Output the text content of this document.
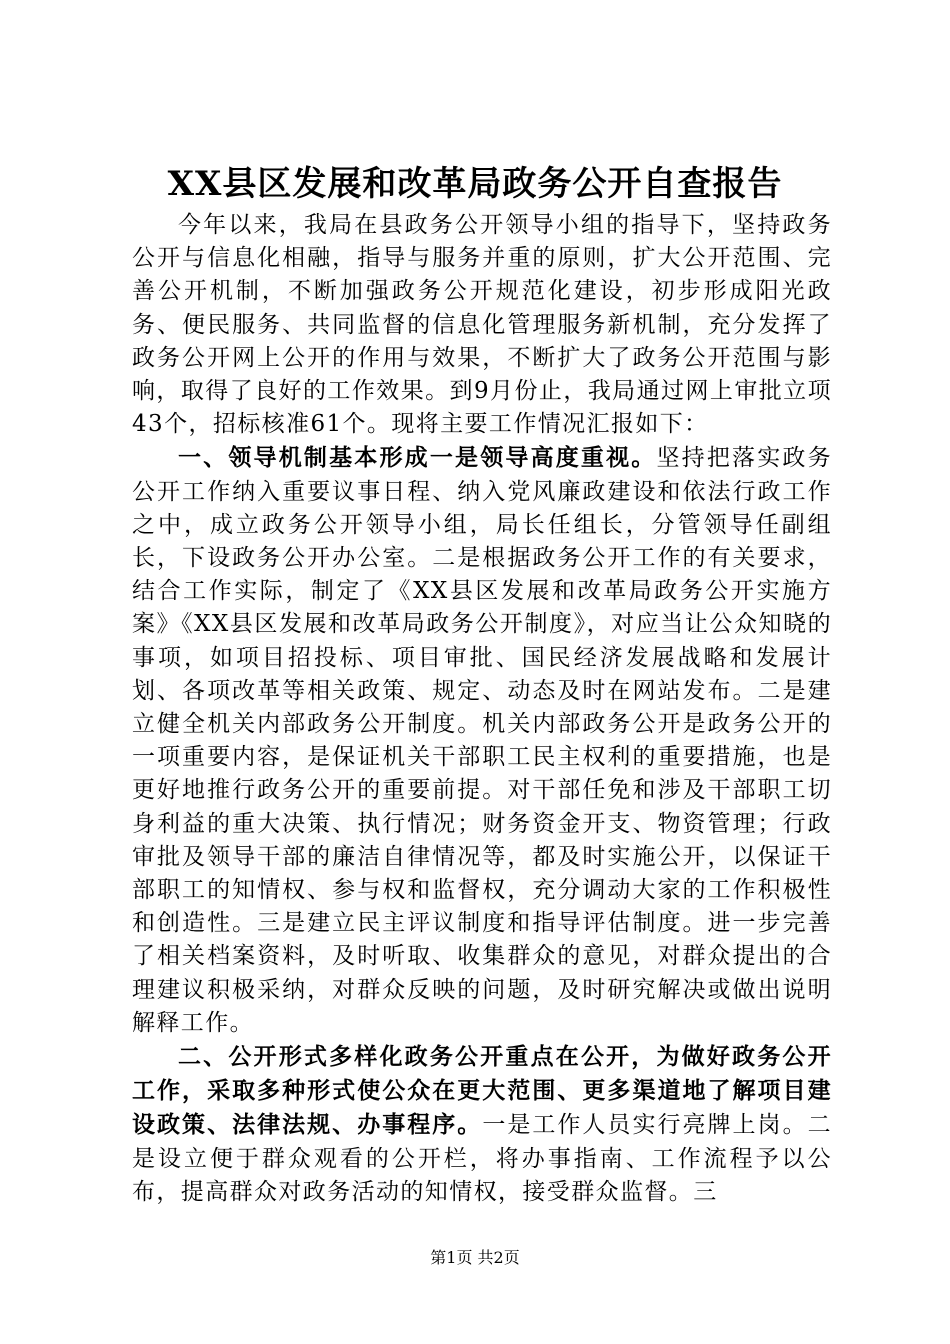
XX县区发展和改革局政务公开自查报告

今年以来，我局在县政务公开领导小组的指导下，坚持政务公开与信息化相融，指导与服务并重的原则，扩大公开范围、完善公开机制，不断加强政务公开规范化建设，初步形成阳光政务、便民服务、共同监督的信息化管理服务新机制，充分发挥了政务公开网上公开的作用与效果，不断扩大了政务公开范围与影响，取得了良好的工作效果。到9月份止，我局通过网上审批立项43个，招标核准61个。现将主要工作情况汇报如下：

一、领导机制基本形成一是领导高度重视。坚持把落实政务公开工作纳入重要议事日程、纳入党风廉政建设和依法行政工作之中，成立政务公开领导小组，局长任组长，分管领导任副组长，下设政务公开办公室。二是根据政务公开工作的有关要求，结合工作实际，制定了《XX县区发展和改革局政务公开实施方案》《XX县区发展和改革局政务公开制度》，对应当让公众知晓的事项，如项目招投标、项目审批、国民经济发展战略和发展计划、各项改革等相关政策、规定、动态及时在网站发布。二是建立健全机关内部政务公开制度。机关内部政务公开是政务公开的一项重要内容，是保证机关干部职工民主权利的重要措施，也是更好地推行政务公开的重要前提。对干部任免和涉及干部职工切身利益的重大决策、执行情况；财务资金开支、物资管理；行政审批及领导干部的廉洁自律情况等，都及时实施公开，以保证干部职工的知情权、参与权和监督权，充分调动大家的工作积极性和创造性。三是建立民主评议制度和指导评估制度。进一步完善了相关档案资料，及时听取、收集群众的意见，对群众提出的合理建议积极采纳，对群众反映的问题，及时研究解决或做出说明解释工作。

二、公开形式多样化政务公开重点在公开，为做好政务公开工作，采取多种形式使公众在更大范围、更多渠道地了解项目建设政策、法律法规、办事程序。一是工作人员实行亮牌上岗。二是设立便于群众观看的公开栏，将办事指南、工作流程予以公布，提高群众对政务活动的知情权，接受群众监督。三

第1页 共2页
